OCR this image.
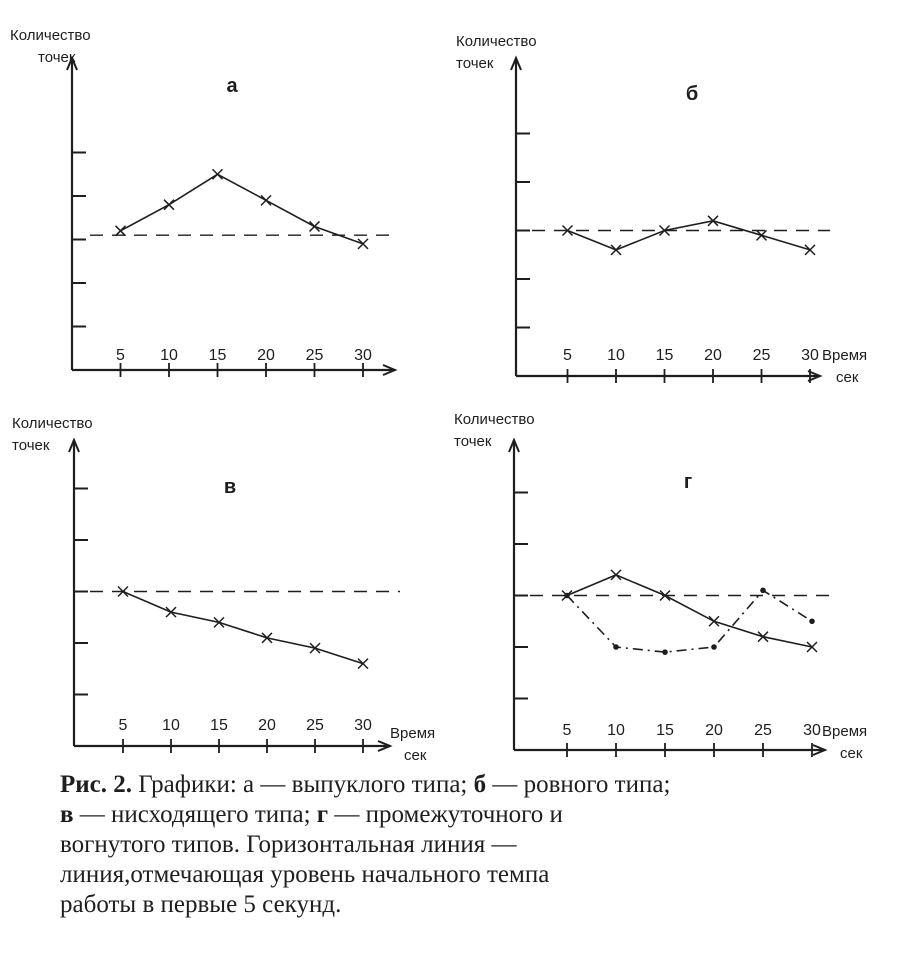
5 10 15 20 25 30
Количество
точек
а
5 10 15 20 25 30
Количество
точек
Время
сек
б
5 10 15 20 25 30
Количество
точек
Время
сек
в
5 10 15 20 25 30
Количество
точек
Время
сек
г
Рис. 2. Графики: а — выпуклого типа; б — ровного типа;
в — нисходящего типа; г — промежуточного и
вогнутого типов. Горизонтальная линия —
линия,отмечающая уровень начального темпа
работы в первые 5 секунд.
